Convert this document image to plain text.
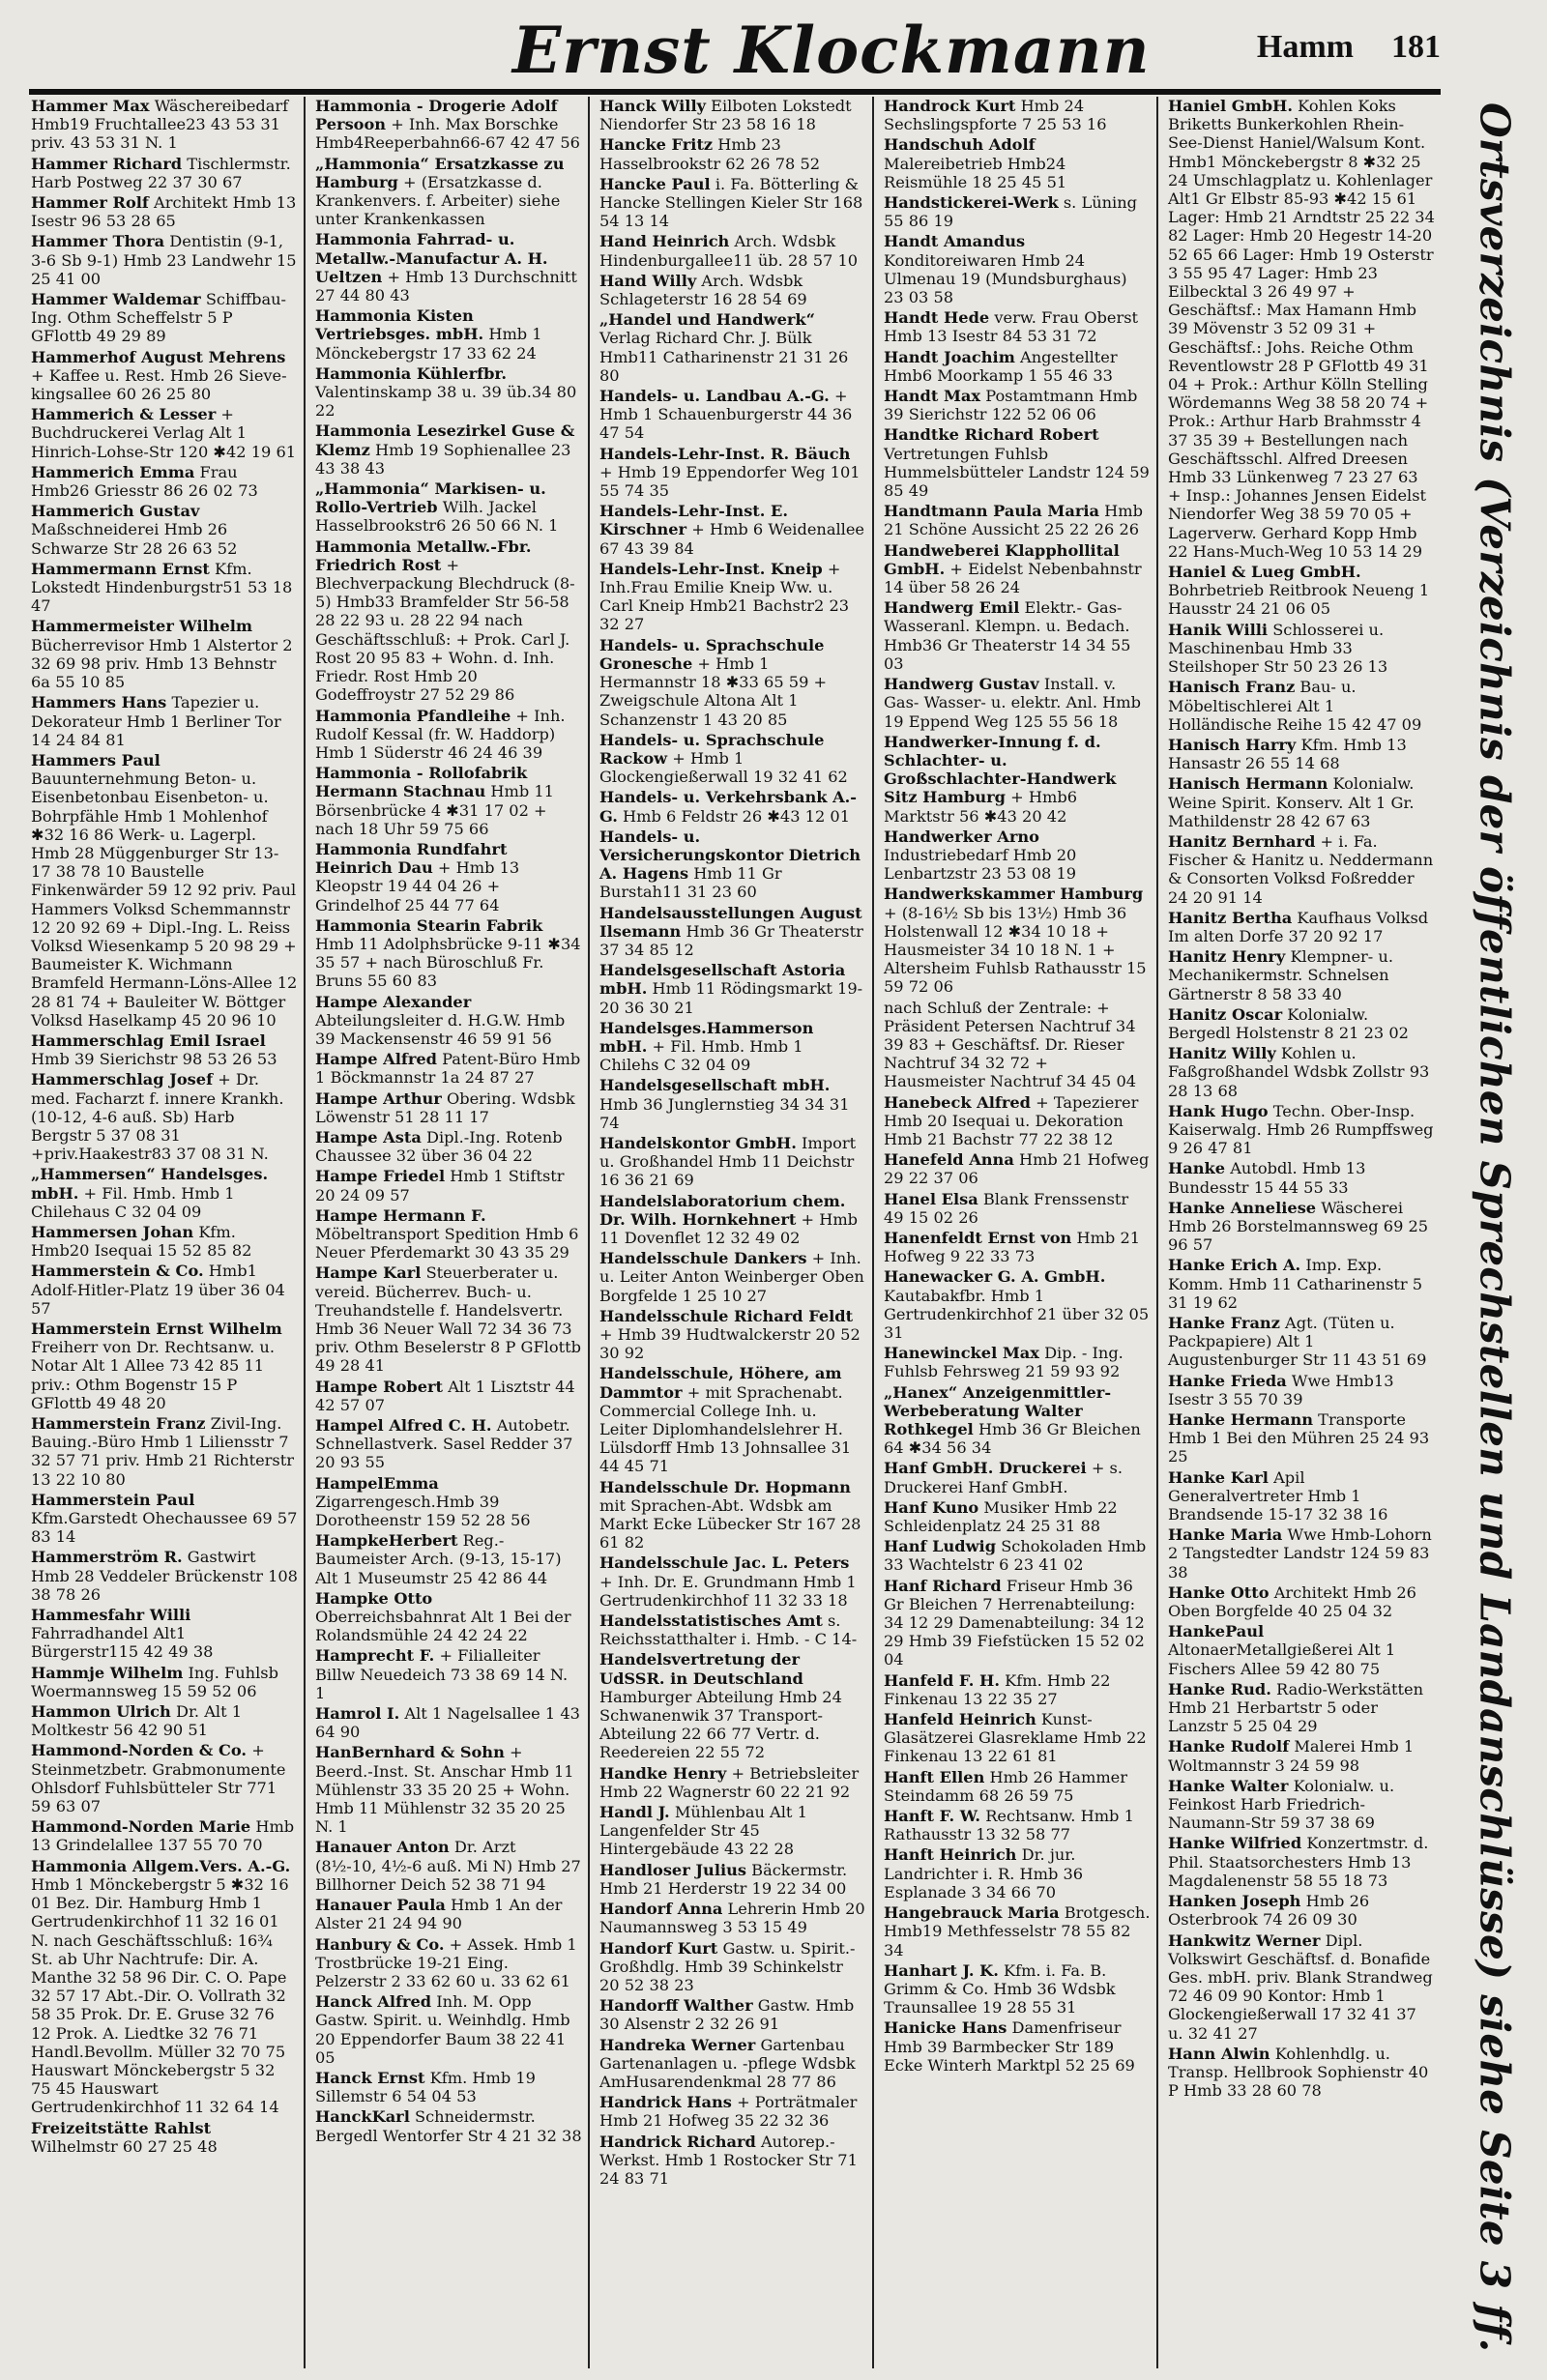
Ernst Klockmann	Hamm 181
Hammer Max Wäschereibedarf Hmb19 Fruchtallee23 43 53 31 priv. 43 53 31 N. 1
Hammer Richard Tischlermstr. Harb Postweg 22 37 30 67
Hammer Rolf Architekt Hmb 13 Isestr 96 53 28 65
Hammer Thora Dentistin (9-1, 3-6 Sb 9-1) Hmb 23 Landwehr 15 25 41 00
Hammer Waldemar Schiffbau-Ing. Othm Scheffelstr 5 P GFlottb 49 29 89
Hammerhof August Mehrens + Kaffee u. Rest. Hmb 26 Sieve-kingsallee 60 26 25 80
Hammerich & Lesser + Buchdruckerei Verlag Alt 1 Hinrich-Lohse-Str 120 ✱42 19 61
Hammerich Emma Frau Hmb26 Griesstr 86 26 02 73
Hammerich Gustav Maßschneiderei Hmb 26 Schwarze Str 28 26 63 52
Hammermann Ernst Kfm. Lokstedt Hindenburgstr51 53 18 47
Hammermeister Wilhelm Bücherrevisor Hmb 1 Alstertor 2 32 69 98 priv. Hmb 13 Behnstr 6a 55 10 85
Hammers Hans Tapezier u. Dekorateur Hmb 1 Berliner Tor 14 24 84 81
Hammers Paul Bauunternehmung Beton- u. Eisenbetonbau Eisenbeton- u. Bohrpfähle Hmb 1 Mohlenhof ✱32 16 86 Werk- u. Lagerpl. Hmb 28 Müggenburger Str 13-17 38 78 10 Baustelle Finkenwärder 59 12 92 priv. Paul Hammers Volksd Schemmannstr 12 20 92 69 + Dipl.-Ing. L. Reiss Volksd Wiesenkamp 5 20 98 29 + Baumeister K. Wichmann Bramfeld Hermann-Löns-Allee 12 28 81 74 + Bauleiter W. Böttger Volksd Haselkamp 45 20 96 10
Hammerschlag Emil Israel Hmb 39 Sierichstr 98 53 26 53
Hammerschlag Josef + Dr. med. Facharzt f. innere Krankh. (10-12, 4-6 auß. Sb) Harb Bergstr 5 37 08 31 +priv.Haakestr83 37 08 31 N.
„Hammersen“ Handelsges. mbH. + Fil. Hmb. Hmb 1 Chilehaus C 32 04 09
Hammersen Johan Kfm. Hmb20 Isequai 15 52 85 82
Hammerstein & Co. Hmb1 Adolf-Hitler-Platz 19 über 36 04 57
Hammerstein Ernst Wilhelm Freiherr von Dr. Rechtsanw. u. Notar Alt 1 Allee 73 42 85 11 priv.: Othm Bogenstr 15 P GFlottb 49 48 20
Hammerstein Franz Zivil-Ing. Bauing.-Büro Hmb 1 Liliensstr 7 32 57 71 priv. Hmb 21 Richterstr 13 22 10 80
Hammerstein Paul Kfm.Garstedt Ohechaussee 69 57 83 14
Hammerström R. Gastwirt Hmb 28 Veddeler Brückenstr 108 38 78 26
Hammesfahr Willi Fahrradhandel Alt1 Bürgerstr115 42 49 38
Hammje Wilhelm Ing. Fuhlsb Woermannsweg 15 59 52 06
Hammon Ulrich Dr. Alt 1 Moltkestr 56 42 90 51
Hammond-Norden & Co. + Steinmetzbetr. Grabmonumente Ohlsdorf Fuhlsbütteler Str 771 59 63 07
Hammond-Norden Marie Hmb 13 Grindelallee 137 55 70 70
Hammonia Allgem.Vers. A.-G. Hmb 1 Mönckebergstr 5 ✱32 16 01 Bez. Dir. Hamburg Hmb 1 Gertrudenkirchhof 11 32 16 01 N. nach Geschäftsschluß: 16¾ St. ab Uhr Nachtrufe: Dir. A. Manthe 32 58 96 Dir. C. O. Pape 32 57 17 Abt.-Dir. O. Vollrath 32 58 35 Prok. Dr. E. Gruse 32 76 12 Prok. A. Liedtke 32 76 71 Handl.Bevollm. Müller 32 70 75 Hauswart Mönckebergstr 5 32 75 45 Hauswart Gertrudenkirchhof 11 32 64 14
Freizeitstätte Rahlst Wilhelmstr 60 27 25 48
Hammonia - Drogerie Adolf Persoon + Inh. Max Borschke Hmb4Reeperbahn66-67 42 47 56
„Hammonia“ Ersatzkasse zu Hamburg + (Ersatzkasse d. Krankenvers. f. Arbeiter) siehe unter Krankenkassen
Hammonia Fahrrad- u. Metallw.-Manufactur A. H. Ueltzen + Hmb 13 Durchschnitt 27 44 80 43
Hammonia Kisten Vertriebsges. mbH. Hmb 1 Mönckebergstr 17 33 62 24
Hammonia Kühlerfbr. Valentinskamp 38 u. 39 üb.34 80 22
Hammonia Lesezirkel Guse & Klemz Hmb 19 Sophienallee 23 43 38 43
„Hammonia“ Markisen- u. Rollo-Vertrieb Wilh. Jackel Hasselbrookstr6 26 50 66 N. 1
Hammonia Metallw.-Fbr. Friedrich Rost + Blechverpackung Blechdruck (8-5) Hmb33 Bramfelder Str 56-58 28 22 93 u. 28 22 94 nach Geschäftsschluß: + Prok. Carl J. Rost 20 95 83 + Wohn. d. Inh. Friedr. Rost Hmb 20 Godeffroystr 27 52 29 86
Hammonia Pfandleihe + Inh. Rudolf Kessal (fr. W. Haddorp) Hmb 1 Süderstr 46 24 46 39
Hammonia - Rollofabrik Hermann Stachnau Hmb 11 Börsenbrücke 4 ✱31 17 02 + nach 18 Uhr 59 75 66
Hammonia Rundfahrt Heinrich Dau + Hmb 13 Kleopstr 19 44 04 26 + Grindelhof 25 44 77 64
Hammonia Stearin Fabrik Hmb 11 Adolphsbrücke 9-11 ✱34 35 57 + nach Büroschluß Fr. Bruns 55 60 83
Hampe Alexander Abteilungsleiter d. H.G.W. Hmb 39 Mackensenstr 46 59 91 56
Hampe Alfred Patent-Büro Hmb 1 Böckmannstr 1a 24 87 27
Hampe Arthur Obering. Wdsbk Löwenstr 51 28 11 17
Hampe Asta Dipl.-Ing. Rotenb Chaussee 32 über 36 04 22
Hampe Friedel Hmb 1 Stiftstr 20 24 09 57
Hampe Hermann F. Möbeltransport Spedition Hmb 6 Neuer Pferdemarkt 30 43 35 29
Hampe Karl Steuerberater u. vereid. Bücherrev. Buch- u. Treuhandstelle f. Handelsvertr. Hmb 36 Neuer Wall 72 34 36 73 priv. Othm Beselerstr 8 P GFlottb 49 28 41
Hampe Robert Alt 1 Lisztstr 44 42 57 07
Hampel Alfred C. H. Autobetr. Schnellastverk. Sasel Redder 37 20 93 55
HampelEmma Zigarrengesch.Hmb 39 Dorotheenstr 159 52 28 56
HampkeHerbert Reg.-Baumeister Arch. (9-13, 15-17) Alt 1 Museumstr 25 42 86 44
Hampke Otto Oberreichsbahnrat Alt 1 Bei der Rolandsmühle 24 42 24 22
Hamprecht F. + Filialleiter Billw Neuedeich 73 38 69 14 N. 1
Hamrol I. Alt 1 Nagelsallee 1 43 64 90
HanBernhard & Sohn + Beerd.-Inst. St. Anschar Hmb 11 Mühlenstr 33 35 20 25 + Wohn. Hmb 11 Mühlenstr 32 35 20 25 N. 1
Hanauer Anton Dr. Arzt (8½-10, 4½-6 auß. Mi N) Hmb 27 Billhorner Deich 52 38 71 94
Hanauer Paula Hmb 1 An der Alster 21 24 94 90
Hanbury & Co. + Assek. Hmb 1 Trostbrücke 19-21 Eing. Pelzerstr 2 33 62 60 u. 33 62 61
Hanck Alfred Inh. M. Opp Gastw. Spirit. u. Weinhdlg. Hmb 20 Eppendorfer Baum 38 22 41 05
Hanck Ernst Kfm. Hmb 19 Sillemstr 6 54 04 53
HanckKarl Schneidermstr. Bergedl Wentorfer Str 4 21 32 38
Hanck Willy Eilboten Lokstedt Niendorfer Str 23 58 16 18
Hancke Fritz Hmb 23 Hasselbrookstr 62 26 78 52
Hancke Paul i. Fa. Bötterling & Hancke Stellingen Kieler Str 168 54 13 14
Hand Heinrich Arch. Wdsbk Hindenburgallee11 üb. 28 57 10
Hand Willy Arch. Wdsbk Schlageterstr 16 28 54 69
„Handel und Handwerk“ Verlag Richard Chr. J. Bülk Hmb11 Catharinenstr 21 31 26 80
Handels- u. Landbau A.-G. + Hmb 1 Schauenburgerstr 44 36 47 54
Handels-Lehr-Inst. R. Bäuch + Hmb 19 Eppendorfer Weg 101 55 74 35
Handels-Lehr-Inst. E. Kirschner + Hmb 6 Weidenallee 67 43 39 84
Handels-Lehr-Inst. Kneip + Inh.Frau Emilie Kneip Ww. u. Carl Kneip Hmb21 Bachstr2 23 32 27
Handels- u. Sprachschule Gronesche + Hmb 1 Hermannstr 18 ✱33 65 59 + Zweigschule Altona Alt 1 Schanzenstr 1 43 20 85
Handels- u. Sprachschule Rackow + Hmb 1 Glockengießerwall 19 32 41 62
Handels- u. Verkehrsbank A.-G. Hmb 6 Feldstr 26 ✱43 12 01
Handels- u. Versicherungskontor Dietrich A. Hagens Hmb 11 Gr Burstah11 31 23 60
Handelsausstellungen August Ilsemann Hmb 36 Gr Theaterstr 37 34 85 12
Handelsgesellschaft Astoria mbH. Hmb 11 Rödingsmarkt 19-20 36 30 21
Handelsges.Hammerson mbH. + Fil. Hmb. Hmb 1 Chilehs C 32 04 09
Handelsgesellschaft mbH. Hmb 36 Junglernstieg 34 34 31 74
Handelskontor GmbH. Import u. Großhandel Hmb 11 Deichstr 16 36 21 69
Handelslaboratorium chem. Dr. Wilh. Hornkehnert + Hmb 11 Dovenflet 12 32 49 02
Handelsschule Dankers + Inh. u. Leiter Anton Weinberger Oben Borgfelde 1 25 10 27
Handelsschule Richard Feldt + Hmb 39 Hudtwalckerstr 20 52 30 92
Handelsschule, Höhere, am Dammtor + mit Sprachenabt. Commercial College Inh. u. Leiter Diplomhandelslehrer H. Lülsdorff Hmb 13 Johnsallee 31 44 45 71
Handelsschule Dr. Hopmann mit Sprachen-Abt. Wdsbk am Markt Ecke Lübecker Str 167 28 61 82
Handelsschule Jac. L. Peters + Inh. Dr. E. Grundmann Hmb 1 Gertrudenkirchhof 11 32 33 18
Handelsstatistisches Amt s. Reichsstatthalter i. Hmb. - C 14-
Handelsvertretung der UdSSR. in Deutschland Hamburger Abteilung Hmb 24 Schwanenwik 37 Transport-Abteilung 22 66 77 Vertr. d. Reedereien 22 55 72
Handke Henry + Betriebsleiter Hmb 22 Wagnerstr 60 22 21 92
Handl J. Mühlenbau Alt 1 Langenfelder Str 45 Hintergebäude 43 22 28
Handloser Julius Bäckermstr. Hmb 21 Herderstr 19 22 34 00
Handorf Anna Lehrerin Hmb 20 Naumannsweg 3 53 15 49
Handorf Kurt Gastw. u. Spirit.-Großhdlg. Hmb 39 Schinkelstr 20 52 38 23
Handorff Walther Gastw. Hmb 30 Alsenstr 2 32 26 91
Handreka Werner Gartenbau Gartenanlagen u. -pflege Wdsbk AmHusarendenkmal 28 77 86
Handrick Hans + Porträtmaler Hmb 21 Hofweg 35 22 32 36
Handrick Richard Autorep.-Werkst. Hmb 1 Rostocker Str 71 24 83 71
Handrock Kurt Hmb 24 Sechslingspforte 7 25 53 16
Handschuh Adolf Malereibetrieb Hmb24 Reismühle 18 25 45 51
Handstickerei-Werk s. Lüning 55 86 19
Handt Amandus Konditoreiwaren Hmb 24 Ulmenau 19 (Mundsburghaus) 23 03 58
Handt Hede verw. Frau Oberst Hmb 13 Isestr 84 53 31 72
Handt Joachim Angestellter Hmb6 Moorkamp 1 55 46 33
Handt Max Postamtmann Hmb 39 Sierichstr 122 52 06 06
Handtke Richard Robert Vertretungen Fuhlsb Hummelsbütteler Landstr 124 59 85 49
Handtmann Paula Maria Hmb 21 Schöne Aussicht 25 22 26 26
Handweberei Klapphollital GmbH. + Eidelst Nebenbahnstr 14 über 58 26 24
Handwerg Emil Elektr.- Gas-Wasseranl. Klempn. u. Bedach. Hmb36 Gr Theaterstr 14 34 55 03
Handwerg Gustav Install. v. Gas- Wasser- u. elektr. Anl. Hmb 19 Eppend Weg 125 55 56 18
Handwerker-Innung f. d. Schlachter- u. Großschlachter-Handwerk Sitz Hamburg + Hmb6 Marktstr 56 ✱43 20 42
Handwerker Arno Industriebedarf Hmb 20 Lenbartzstr 23 53 08 19
Handwerkskammer Hamburg + (8-16½ Sb bis 13½) Hmb 36 Holstenwall 12 ✱34 10 18 + Hausmeister 34 10 18 N. 1 + Altersheim Fuhlsb Rathausstr 15 59 72 06
nach Schluß der Zentrale: + Präsident Petersen Nachtruf 34 39 83 + Geschäftsf. Dr. Rieser Nachtruf 34 32 72 + Hausmeister Nachtruf 34 45 04
Hanebeck Alfred + Tapezierer Hmb 20 Isequai u. Dekoration Hmb 21 Bachstr 77 22 38 12
Hanefeld Anna Hmb 21 Hofweg 29 22 37 06
Hanel Elsa Blank Frenssenstr 49 15 02 26
Hanenfeldt Ernst von Hmb 21 Hofweg 9 22 33 73
Hanewacker G. A. GmbH. Kautabakfbr. Hmb 1 Gertrudenkirchhof 21 über 32 05 31
Hanewinckel Max Dip. - Ing. Fuhlsb Fehrsweg 21 59 93 92
„Hanex“ Anzeigenmittler- Werbeberatung Walter Rothkegel Hmb 36 Gr Bleichen 64 ✱34 56 34
Hanf GmbH. Druckerei + s. Druckerei Hanf GmbH.
Hanf Kuno Musiker Hmb 22 Schleidenplatz 24 25 31 88
Hanf Ludwig Schokoladen Hmb 33 Wachtelstr 6 23 41 02
Hanf Richard Friseur Hmb 36 Gr Bleichen 7 Herrenabteilung: 34 12 29 Damenabteilung: 34 12 29 Hmb 39 Fiefstücken 15 52 02 04
Hanfeld F. H. Kfm. Hmb 22 Finkenau 13 22 35 27
Hanfeld Heinrich Kunst-Glasätzerei Glasreklame Hmb 22 Finkenau 13 22 61 81
Hanft Ellen Hmb 26 Hammer Steindamm 68 26 59 75
Hanft F. W. Rechtsanw. Hmb 1 Rathausstr 13 32 58 77
Hanft Heinrich Dr. jur. Landrichter i. R. Hmb 36 Esplanade 3 34 66 70
Hangebrauck Maria Brotgesch. Hmb19 Methfesselstr 78 55 82 34
Hanhart J. K. Kfm. i. Fa. B. Grimm & Co. Hmb 36 Wdsbk Traunsallee 19 28 55 31
Hanicke Hans Damenfriseur Hmb 39 Barmbecker Str 189 Ecke Winterh Marktpl 52 25 69
Haniel GmbH. Kohlen Koks Briketts Bunkerkohlen Rhein-See-Dienst Haniel/Walsum Kont. Hmb1 Mönckebergstr 8 ✱32 25 24 Umschlagplatz u. Kohlenlager Alt1 Gr Elbstr 85-93 ✱42 15 61 Lager: Hmb 21 Arndtstr 25 22 34 82 Lager: Hmb 20 Hegestr 14-20 52 65 66 Lager: Hmb 19 Osterstr 3 55 95 47 Lager: Hmb 23 Eilbecktal 3 26 49 97 + Geschäftsf.: Max Hamann Hmb 39 Mövenstr 3 52 09 31 + Geschäftsf.: Johs. Reiche Othm Reventlowstr 28 P GFlottb 49 31 04 + Prok.: Arthur Kölln Stelling Wördemanns Weg 38 58 20 74 + Prok.: Arthur Harb Brahmsstr 4 37 35 39 + Bestellungen nach Geschäftsschl. Alfred Dreesen Hmb 33 Lünkenweg 7 23 27 63 + Insp.: Johannes Jensen Eidelst Niendorfer Weg 38 59 70 05 + Lagerverw. Gerhard Kopp Hmb 22 Hans-Much-Weg 10 53 14 29
Haniel & Lueg GmbH. Bohrbetrieb Reitbrook Neueng 1 Hausstr 24 21 06 05
Hanik Willi Schlosserei u. Maschinenbau Hmb 33 Steilshoper Str 50 23 26 13
Hanisch Franz Bau- u. Möbeltischlerei Alt 1 Holländische Reihe 15 42 47 09
Hanisch Harry Kfm. Hmb 13 Hansastr 26 55 14 68
Hanisch Hermann Kolonialw. Weine Spirit. Konserv. Alt 1 Gr. Mathildenstr 28 42 67 63
Hanitz Bernhard + i. Fa. Fischer & Hanitz u. Neddermann & Consorten Volksd Foßredder 24 20 91 14
Hanitz Bertha Kaufhaus Volksd Im alten Dorfe 37 20 92 17
Hanitz Henry Klempner- u. Mechanikermstr. Schnelsen Gärtnerstr 8 58 33 40
Hanitz Oscar Kolonialw. Bergedl Holstenstr 8 21 23 02
Hanitz Willy Kohlen u. Faßgroßhandel Wdsbk Zollstr 93 28 13 68
Hank Hugo Techn. Ober-Insp. Kaiserwalg. Hmb 26 Rumpffsweg 9 26 47 81
Hanke Autobdl. Hmb 13 Bundesstr 15 44 55 33
Hanke Anneliese Wäscherei Hmb 26 Borstelmannsweg 69 25 96 57
Hanke Erich A. Imp. Exp. Komm. Hmb 11 Catharinenstr 5 31 19 62
Hanke Franz Agt. (Tüten u. Packpapiere) Alt 1 Augustenburger Str 11 43 51 69
Hanke Frieda Wwe Hmb13 Isestr 3 55 70 39
Hanke Hermann Transporte Hmb 1 Bei den Mühren 25 24 93 25
Hanke Karl Apil Generalvertreter Hmb 1 Brandsende 15-17 32 38 16
Hanke Maria Wwe Hmb-Lohorn 2 Tangstedter Landstr 124 59 83 38
Hanke Otto Architekt Hmb 26 Oben Borgfelde 40 25 04 32
HankePaul AltonaerMetallgießerei Alt 1 Fischers Allee 59 42 80 75
Hanke Rud. Radio-Werkstätten Hmb 21 Herbartstr 5 oder Lanzstr 5 25 04 29
Hanke Rudolf Malerei Hmb 1 Woltmannstr 3 24 59 98
Hanke Walter Kolonialw. u. Feinkost Harb Friedrich-Naumann-Str 59 37 38 69
Hanke Wilfried Konzertmstr. d. Phil. Staatsorchesters Hmb 13 Magdalenenstr 58 55 18 73
Hanken Joseph Hmb 26 Osterbrook 74 26 09 30
Hankwitz Werner Dipl. Volkswirt Geschäftsf. d. Bonafide Ges. mbH. priv. Blank Strandweg 72 46 09 90 Kontor: Hmb 1 Glockengießerwall 17 32 41 37 u. 32 41 27
Hann Alwin Kohlenhdlg. u. Transp. Hellbrook Sophienstr 40 P Hmb 33 28 60 78	Ortsverzeichnis (Verzeichnis der öffentlichen Sprechstellen und Landanschlüsse) siehe Seite 3 ff.
